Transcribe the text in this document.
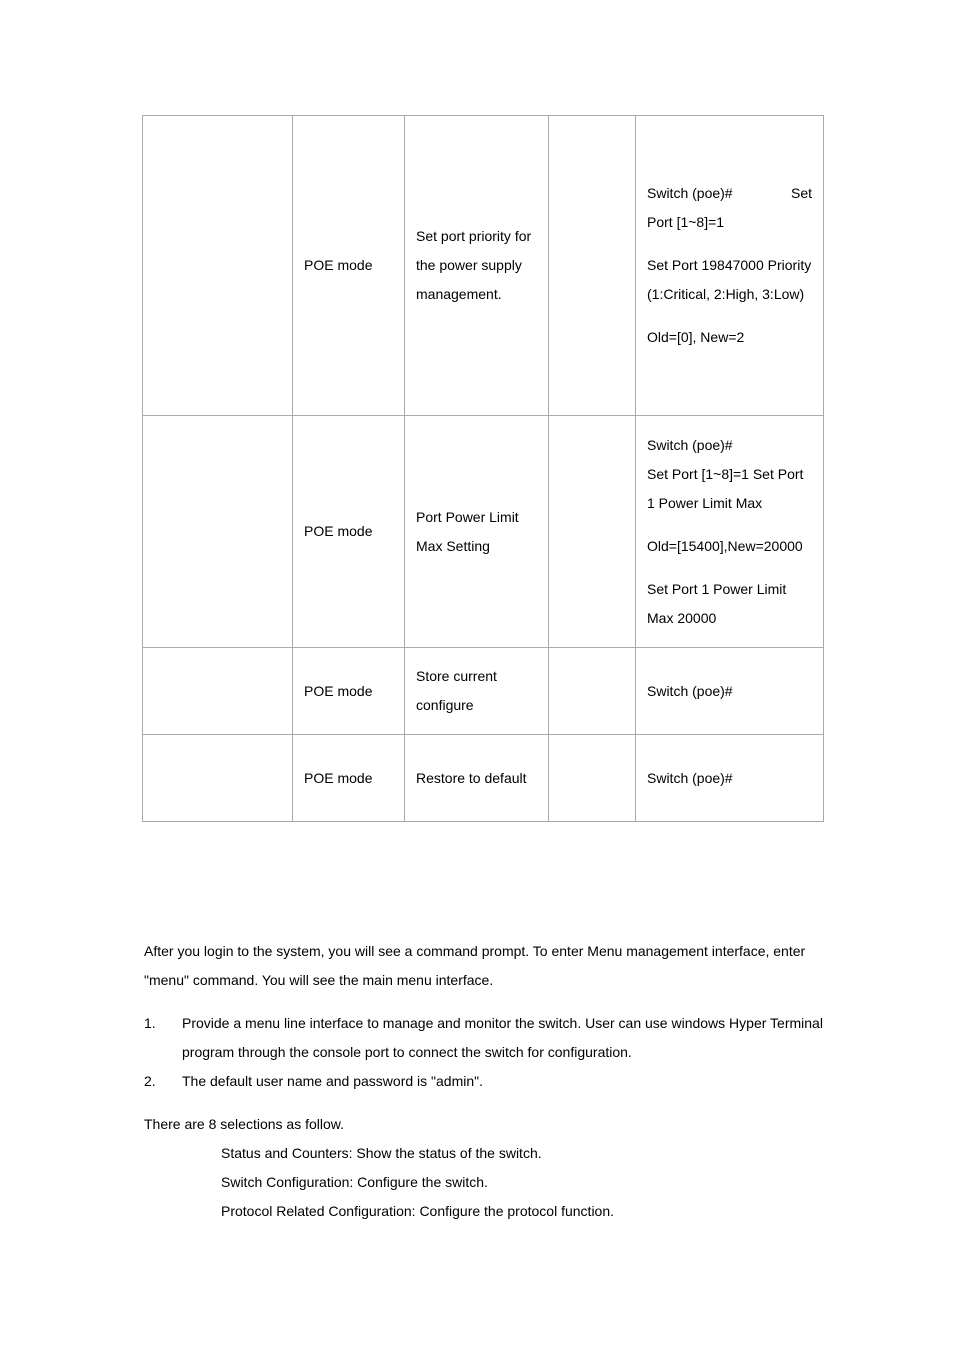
	POE mode	Set port priority for the power supply management.		Switch (poe)# Set

Port [1~8]=1

Set Port 19847000 Priority (1:Critical, 2:High, 3:Low)

Old=[0], New=2

	POE mode	Port Power Limit Max Setting		Switch (poe)#

Set Port [1~8]=1 Set Port 1 Power Limit Max

Old=[15400],New=20000

Set Port 1 Power Limit Max 20000

	POE mode	Store current configure		Switch (poe)#
	POE mode	Restore to default		Switch (poe)#

After you login to the system, you will see a command prompt. To enter Menu management interface, enter "menu" command. You will see the main menu interface.

1.	Provide a menu line interface to manage and monitor the switch. User can use windows Hyper Terminal program through the console port to connect the switch for configuration.
2.	The default user name and password is "admin".

There are 8 selections as follow.

Status and Counters: Show the status of the switch.

Switch Configuration: Configure the switch.

Protocol Related Configuration: Configure the protocol function.
